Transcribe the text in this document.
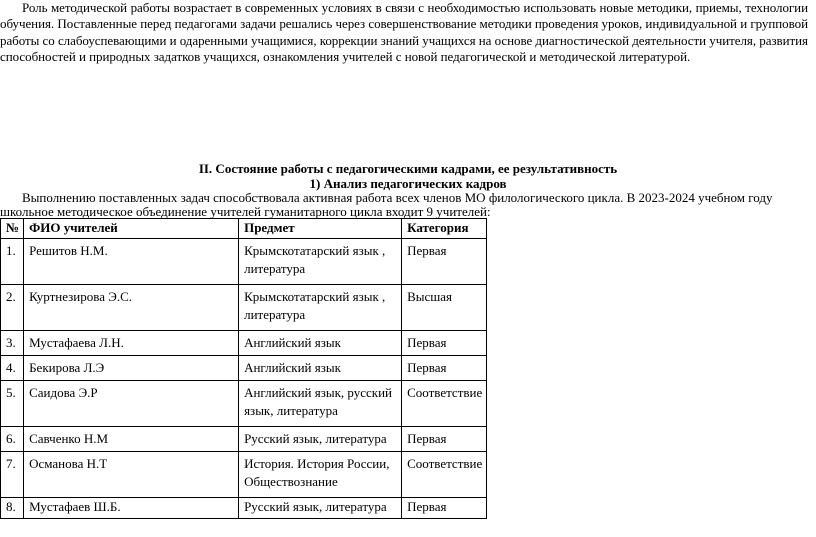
Роль методической работы возрастает в современных условиях в связи с необходимостью использовать новые методики, приемы, технологии обучения. Поставленные перед педагогами задачи решались через совершенствование методики проведения уроков, индивидуальной и групповой работы со слабоуспевающими и одаренными учащимися, коррекции знаний учащихся на основе диагностической деятельности учителя, развития способностей и природных задатков учащихся, ознакомления учителей с новой педагогической и методической литературой.

II. Состояние работы с педагогическими кадрами, ее результативность
1) Анализ педагогических кадров

Выполнению поставленных задач способствовала активная работа всех членов МО филологического цикла. В 2023-2024 учебном году школьное методическое объединение учителей гуманитарного цикла входит 9 учителей:

№	ФИО учителей	Предмет	Категория
1.	Решитов Н.М.	Крымскотатарский язык , литература	Первая
2.	Куртнезирова Э.С.	Крымскотатарский язык , литература	Высшая
3.	Мустафаева Л.Н.	Английский язык	Первая
4.	Бекирова Л.Э	Английский язык	Первая
5.	Саидова Э.Р	Английский язык, русский язык, литература	Соответствие
6.	Савченко Н.М	Русский язык, литература	Первая
7.	Османова Н.Т	История. История России, Обществознание	Соответствие
8.	Мустафаев Ш.Б.	Русский язык, литература	Первая
